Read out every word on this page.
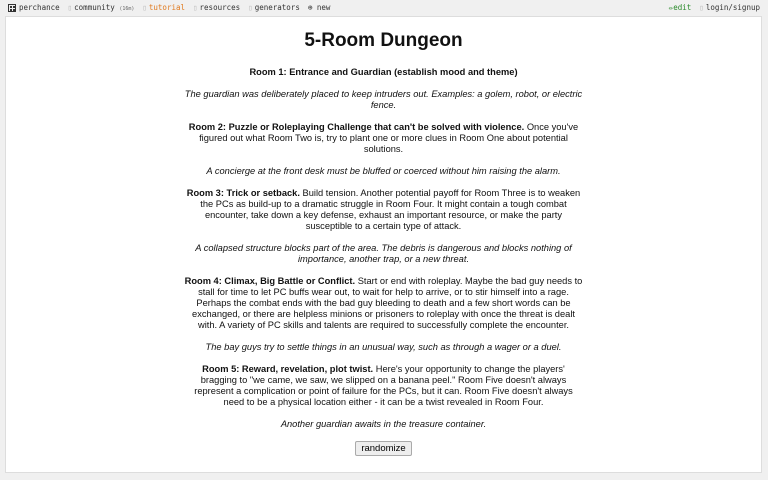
perchance ▯ community (16m) ▯ tutorial ▯ resources ▯ generators ⊕ new	✏edit ▯ login/signup
5-Room Dungeon

Room 1: Entrance and Guardian (establish mood and theme)

The guardian was deliberately placed to keep intruders out. Examples: a golem, robot, or electric fence.

Room 2: Puzzle or Roleplaying Challenge that can't be solved with violence. Once you've figured out what Room Two is, try to plant one or more clues in Room One about potential solutions.

A concierge at the front desk must be bluffed or coerced without him raising the alarm.

Room 3: Trick or setback. Build tension. Another potential payoff for Room Three is to weaken the PCs as build-up to a dramatic struggle in Room Four. It might contain a tough combat encounter, take down a key defense, exhaust an important resource, or make the party susceptible to a certain type of attack.

A collapsed structure blocks part of the area. The debris is dangerous and blocks nothing of importance, another trap, or a new threat.

Room 4: Climax, Big Battle or Conflict. Start or end with roleplay. Maybe the bad guy needs to stall for time to let PC buffs wear out, to wait for help to arrive, or to stir himself into a rage. Perhaps the combat ends with the bad guy bleeding to death and a few short words can be exchanged, or there are helpless minions or prisoners to roleplay with once the threat is dealt with. A variety of PC skills and talents are required to successfully complete the encounter.

The bay guys try to settle things in an unusual way, such as through a wager or a duel.

Room 5: Reward, revelation, plot twist. Here's your opportunity to change the players' bragging to "we came, we saw, we slipped on a banana peel." Room Five doesn't always represent a complication or point of failure for the PCs, but it can. Room Five doesn't always need to be a physical location either - it can be a twist revealed in Room Four.

Another guardian awaits in the treasure container.

randomize
